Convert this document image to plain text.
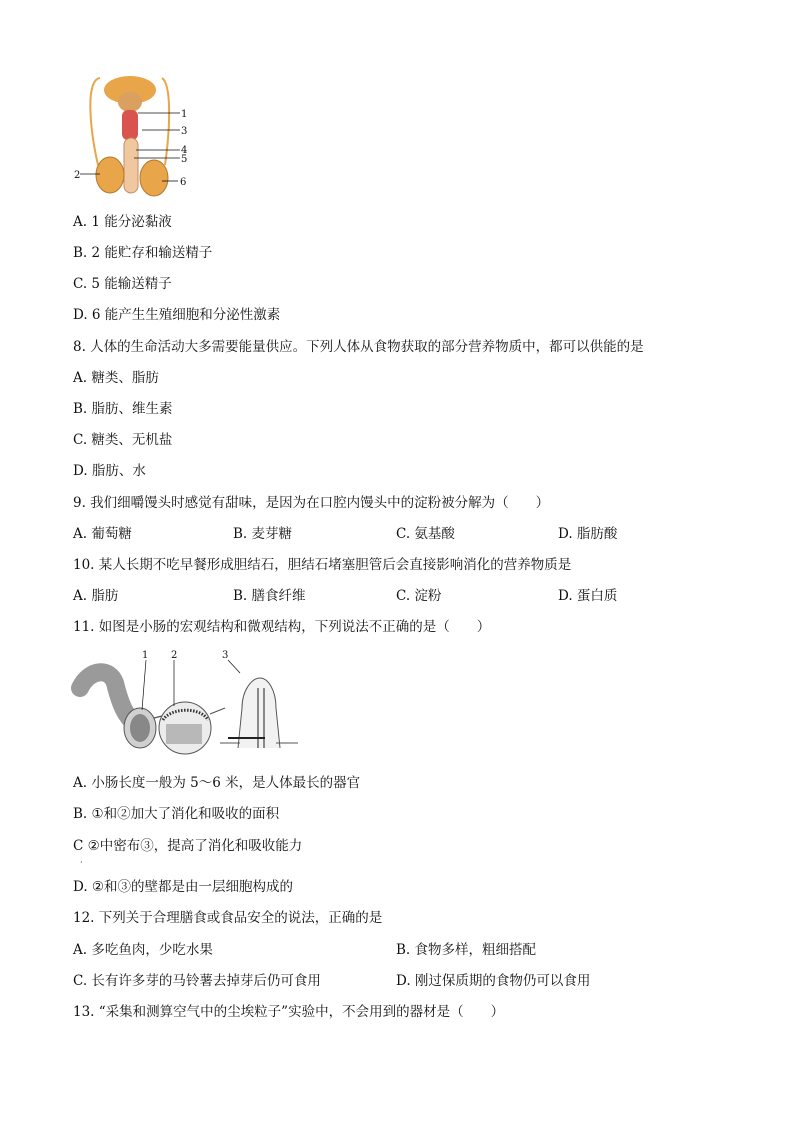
1
2
3
4
5
6
A. 1 能分泌黏液
B. 2 能贮存和输送精子
C. 5 能输送精子
D. 6 能产生生殖细胞和分泌性激素
8. 人体的生命活动大多需要能量供应。下列人体从食物获取的部分营养物质中，都可以供能的是
A. 糖类、脂肪
B. 脂肪、维生素
C. 糖类、无机盐
D. 脂肪、水
9. 我们细嚼馒头时感觉有甜味，是因为在口腔内馒头中的淀粉被分解为（　　）
A. 葡萄糖	B. 麦芽糖	C. 氨基酸	D. 脂肪酸
10. 某人长期不吃早餐形成胆结石，胆结石堵塞胆管后会直接影响消化的营养物质是
A. 脂肪	B. 膳食纤维	C. 淀粉	D. 蛋白质
11. 如图是小肠的宏观结构和微观结构，下列说法不正确的是（　　）
1 2	3
A. 小肠长度一般为 5～6 米，是人体最长的器官
B. ①和②加大了消化和吸收的面积
C ②中密布③，提高了消化和吸收能力
·
D. ②和③的壁都是由一层细胞构成的
12. 下列关于合理膳食或食品安全的说法，正确的是
A. 多吃鱼肉，少吃水果	B. 食物多样，粗细搭配
C. 长有许多芽的马铃薯去掉芽后仍可食用	D. 刚过保质期的食物仍可以食用
13. “采集和测算空气中的尘埃粒子”实验中，不会用到的器材是（　　）
